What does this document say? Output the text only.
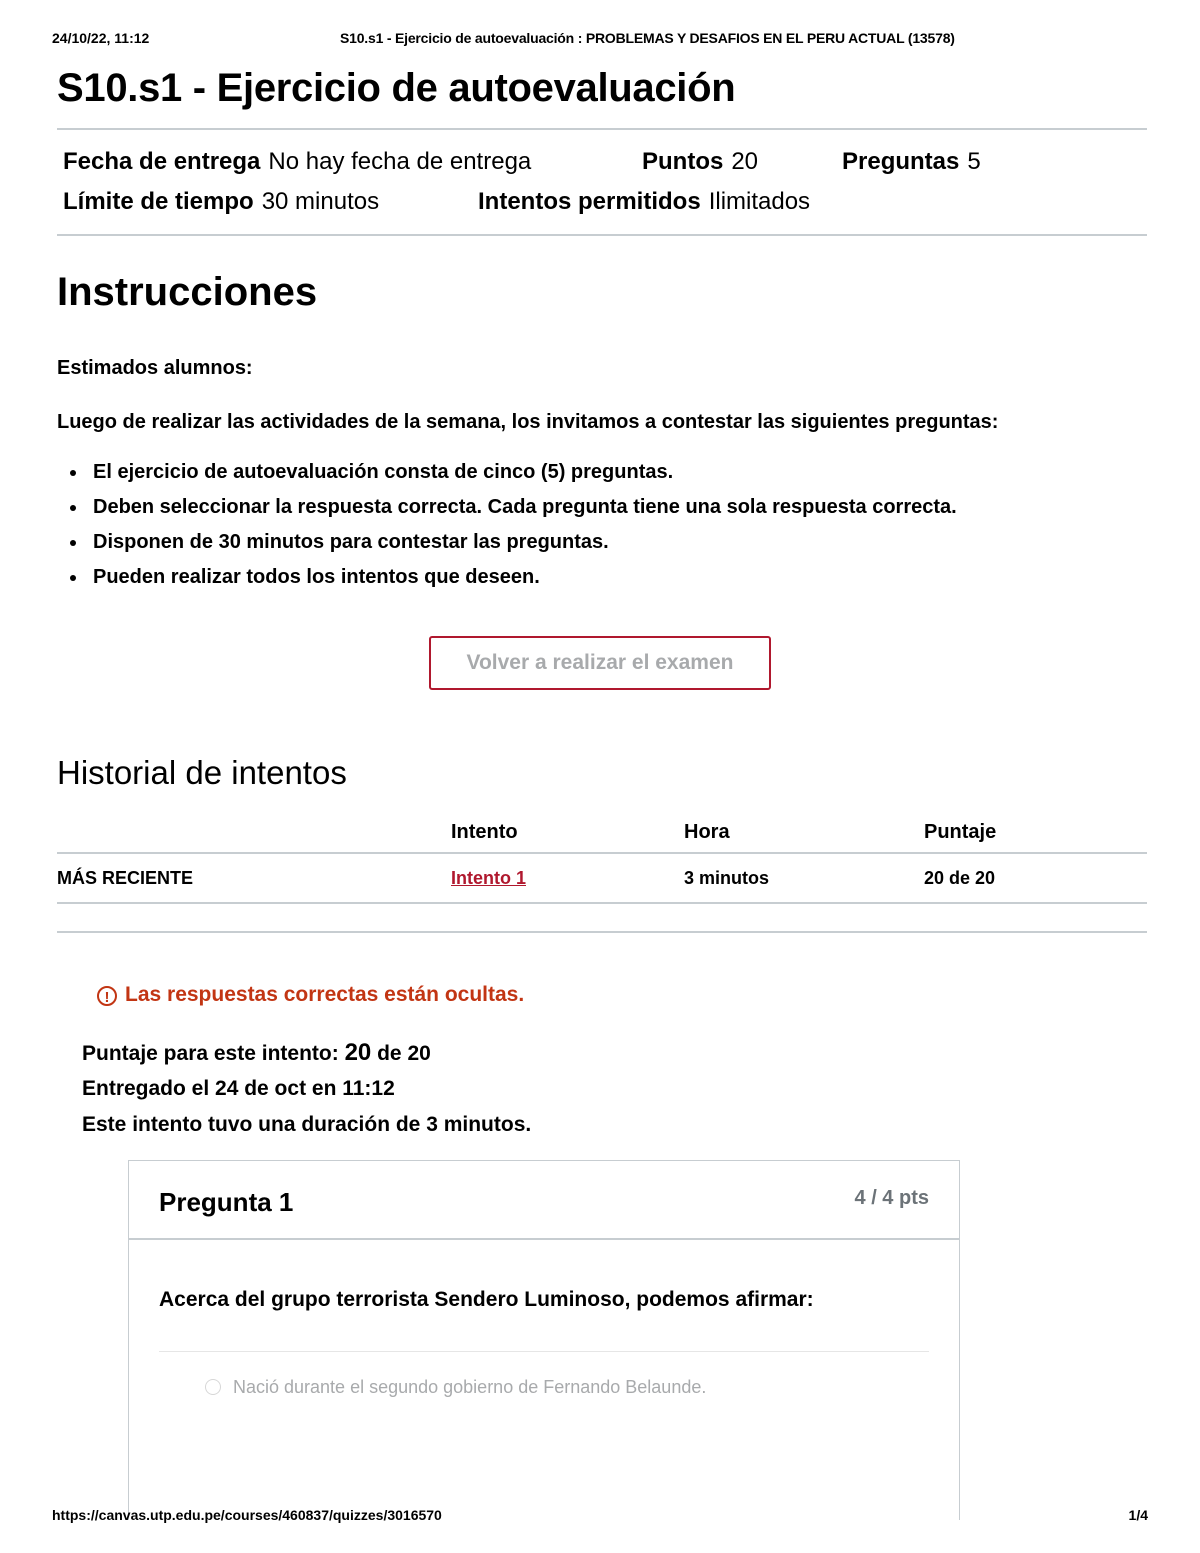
24/10/22, 11:12	S10.s1 - Ejercicio de autoevaluación : PROBLEMAS Y DESAFIOS EN EL PERU ACTUAL (13578)
S10.s1 - Ejercicio de autoevaluación
Fecha de entrega No hay fecha de entrega	Puntos 20	Preguntas 5
Límite de tiempo 30 minutos	Intentos permitidos Ilimitados
Instrucciones
Estimados alumnos:
Luego de realizar las actividades de la semana, los invitamos a contestar las siguientes preguntas:
El ejercicio de autoevaluación consta de cinco (5) preguntas.
Deben seleccionar la respuesta correcta. Cada pregunta tiene una sola respuesta correcta.
Disponen de 30 minutos para contestar las preguntas.
Pueden realizar todos los intentos que deseen.
Volver a realizar el examen
Historial de intentos
	Intento	Hora	Puntaje
MÁS RECIENTE	Intento 1	3 minutos	20 de 20
! Las respuestas correctas están ocultas.
Puntaje para este intento: 20 de 20
Entregado el 24 de oct en 11:12
Este intento tuvo una duración de 3 minutos.
Pregunta 1	4 / 4 pts
Acerca del grupo terrorista Sendero Luminoso, podemos afirmar:
Nació durante el segundo gobierno de Fernando Belaunde.
https://canvas.utp.edu.pe/courses/460837/quizzes/3016570	1/4
